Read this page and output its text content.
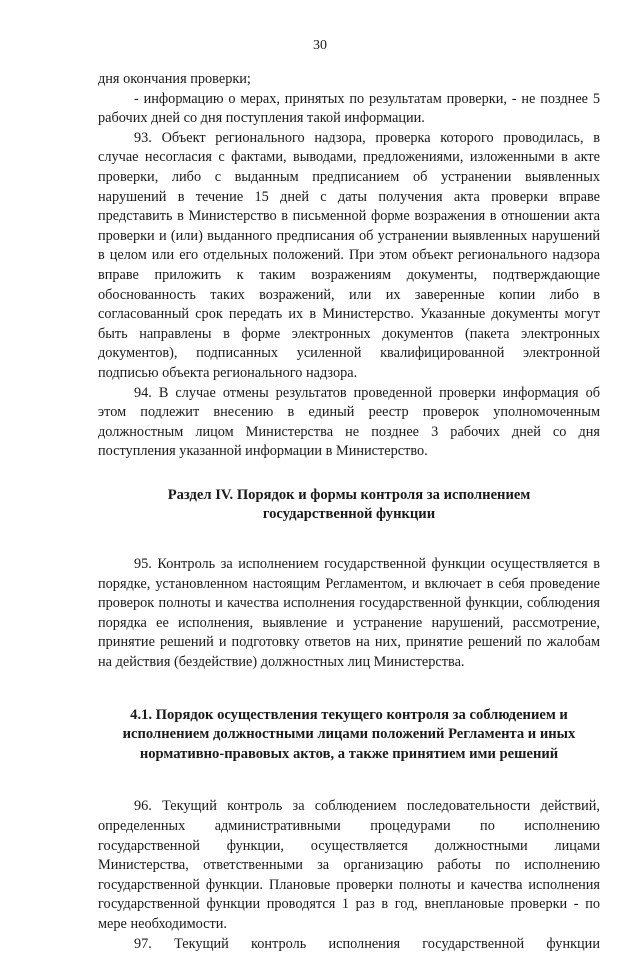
30

дня окончания проверки;

- информацию о мерах, принятых по результатам проверки, - не позднее 5 рабочих дней со дня поступления такой информации.

93. Объект регионального надзора, проверка которого проводилась, в случае несогласия с фактами, выводами, предложениями, изложенными в акте проверки, либо с выданным предписанием об устранении выявленных нарушений в течение 15 дней с даты получения акта проверки вправе представить в Министерство в письменной форме возражения в отношении акта проверки и (или) выданного предписания об устранении выявленных нарушений в целом или его отдельных положений. При этом объект регионального надзора вправе приложить к таким возражениям документы, подтверждающие обоснованность таких возражений, или их заверенные копии либо в согласованный срок передать их в Министерство. Указанные документы могут быть направлены в форме электронных документов (пакета электронных документов), подписанных усиленной квалифицированной электронной подписью объекта регионального надзора.

94. В случае отмены результатов проведенной проверки информация об этом подлежит внесению в единый реестр проверок уполномоченным должностным лицом Министерства не позднее 3 рабочих дней со дня поступления указанной информации в Министерство.

Раздел IV. Порядок и формы контроля за исполнением государственной функции

95. Контроль за исполнением государственной функции осуществляется в порядке, установленном настоящим Регламентом, и включает в себя проведение проверок полноты и качества исполнения государственной функции, соблюдения порядка ее исполнения, выявление и устранение нарушений, рассмотрение, принятие решений и подготовку ответов на них, принятие решений по жалобам на действия (бездействие) должностных лиц Министерства.

4.1. Порядок осуществления текущего контроля за соблюдением и исполнением должностными лицами положений Регламента и иных нормативно-правовых актов, а также принятием ими решений

96. Текущий контроль за соблюдением последовательности действий, определенных административными процедурами по исполнению государственной функции, осуществляется должностными лицами Министерства, ответственными за организацию работы по исполнению государственной функции. Плановые проверки полноты и качества исполнения государственной функции проводятся 1 раз в год, внеплановые проверки - по мере необходимости.

97. Текущий контроль исполнения государственной функции
